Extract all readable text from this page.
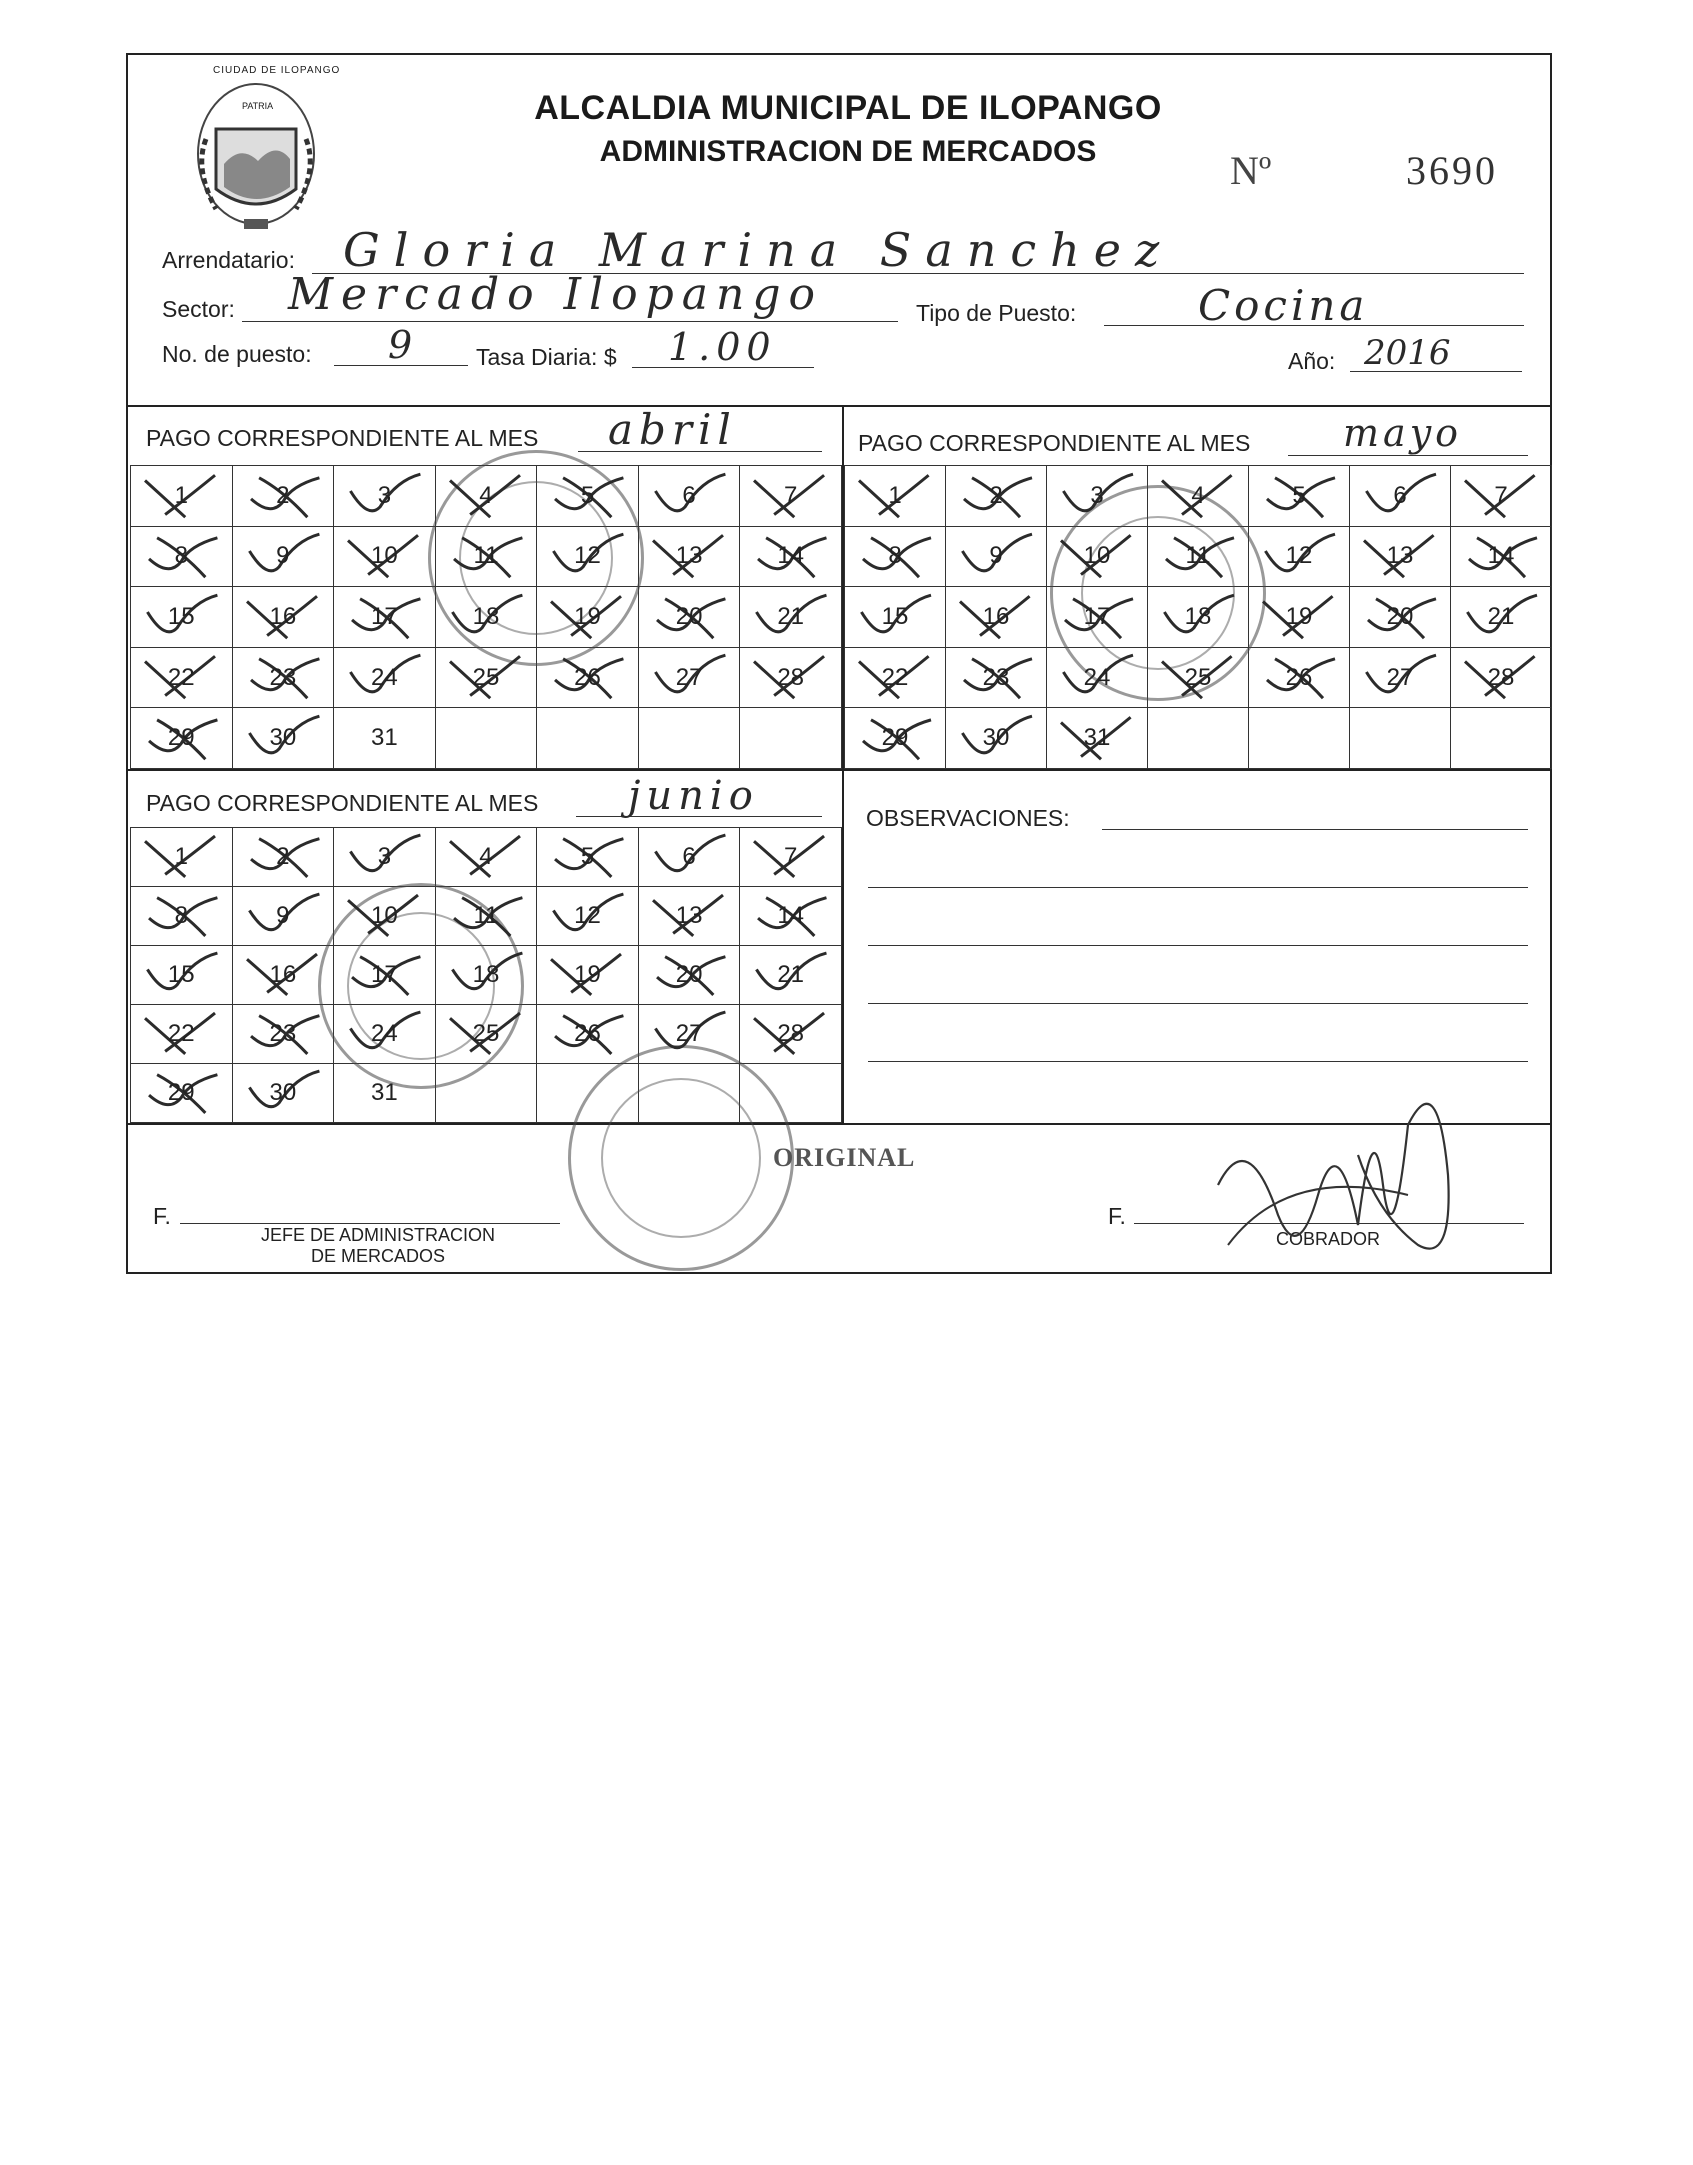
CIUDAD DE ILOPANGO
PATRIA	ALCALDIA MUNICIPAL DE ILOPANGO
ADMINISTRACION DE MERCADOS	Nº	3690
Arrendatario: Gloria Marina Sanchez
Sector: Mercado Ilopango	Tipo de Puesto:	Cocina
No. de puesto: 9	Tasa Diaria: $ 1.00	Año: 2016
PAGO CORRESPONDIENTE AL MES abril
1	2	3	4	5	6	7

8	9	10	11	12	13	14

15	16	17	18	19	20	21

22	23	24	25	26	27	28

29	30	31				
PAGO CORRESPONDIENTE AL MES mayo
1	2	3	4	5	6	7

8	9	10	11	12	13	14

15	16	17	18	19	20	21

22	23	24	25	26	27	28

29	30	31

PAGO CORRESPONDIENTE AL MES junio
1	2	3	4	5	6	7

8	9	10	11	12	13	14

15	16	17	18	19	20	21

22	23	24	25	26	27	28

29	30	31				
OBSERVACIONES:
ORIGINAL
F.
JEFE DE ADMINISTRACION
DE MERCADOS
F.
COBRADOR
